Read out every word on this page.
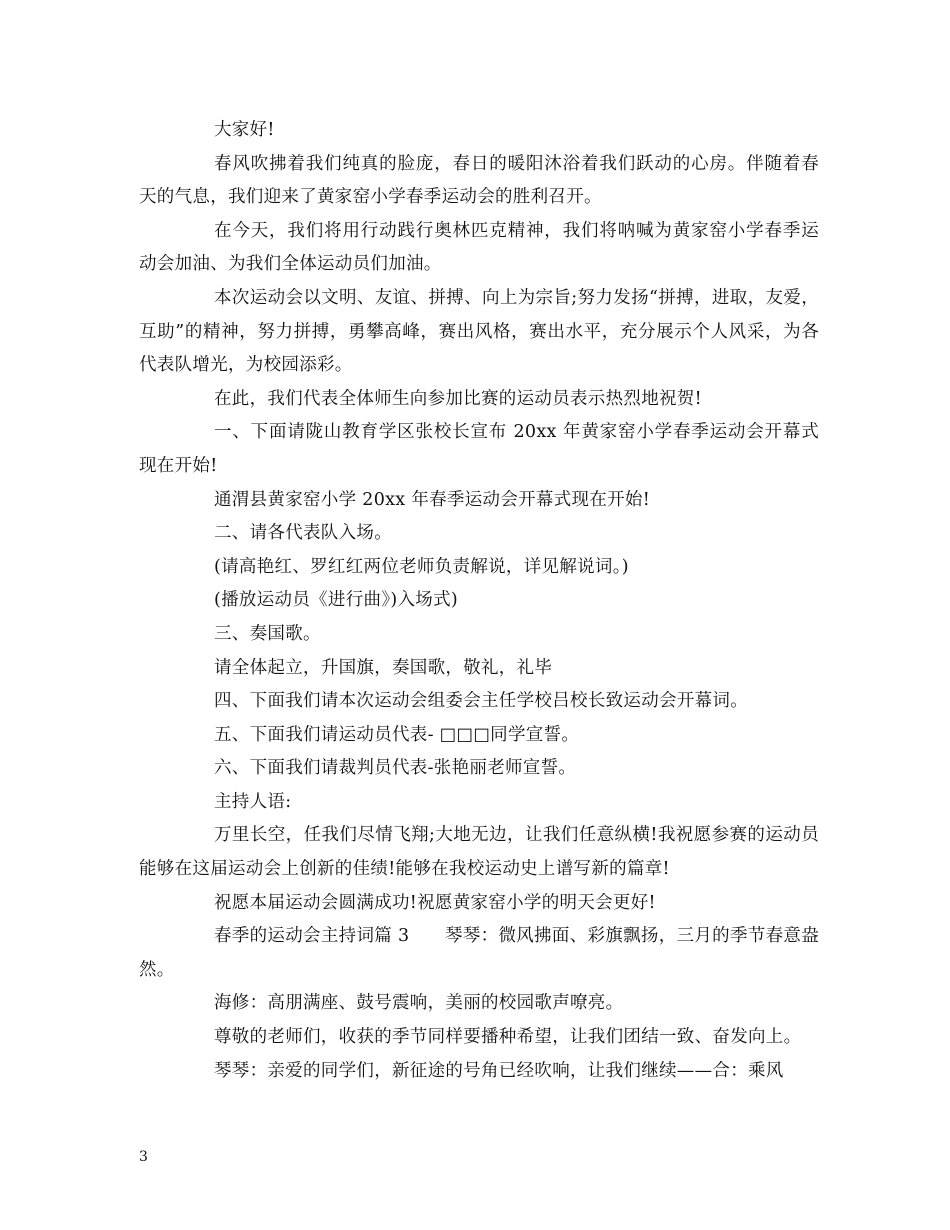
大家好!

春风吹拂着我们纯真的脸庞，春日的暖阳沐浴着我们跃动的心房。伴随着春天的气息，我们迎来了黄家窑小学春季运动会的胜利召开。

在今天，我们将用行动践行奥林匹克精神，我们将呐喊为黄家窑小学春季运动会加油、为我们全体运动员们加油。

本次运动会以文明、友谊、拼搏、向上为宗旨;努力发扬“拼搏，进取，友爱，互助”的精神，努力拼搏，勇攀高峰，赛出风格，赛出水平，充分展示个人风采，为各代表队增光，为校园添彩。

在此，我们代表全体师生向参加比赛的运动员表示热烈地祝贺!

一、下面请陇山教育学区张校长宣布 20xx 年黄家窑小学春季运动会开幕式现在开始!

通渭县黄家窑小学 20xx 年春季运动会开幕式现在开始!

二、请各代表队入场。

(请高艳红、罗红红两位老师负责解说，详见解说词。)

(播放运动员《进行曲》)入场式)

三、奏国歌。

请全体起立，升国旗，奏国歌，敬礼，礼毕

四、下面我们请本次运动会组委会主任学校吕校长致运动会开幕词。

五、下面我们请运动员代表- □□□同学宣誓。

六、下面我们请裁判员代表-张艳丽老师宣誓。

主持人语:

万里长空，任我们尽情飞翔;大地无边，让我们任意纵横!我祝愿参赛的运动员能够在这届运动会上创新的佳绩!能够在我校运动史上谱写新的篇章!

祝愿本届运动会圆满成功!祝愿黄家窑小学的明天会更好!

春季的运动会主持词篇 3　　琴琴：微风拂面、彩旗飘扬，三月的季节春意盎然。

海修：高朋满座、鼓号震响，美丽的校园歌声嘹亮。

尊敬的老师们，收获的季节同样要播种希望，让我们团结一致、奋发向上。

琴琴：亲爱的同学们，新征途的号角已经吹响，让我们继续——合：乘风

3
